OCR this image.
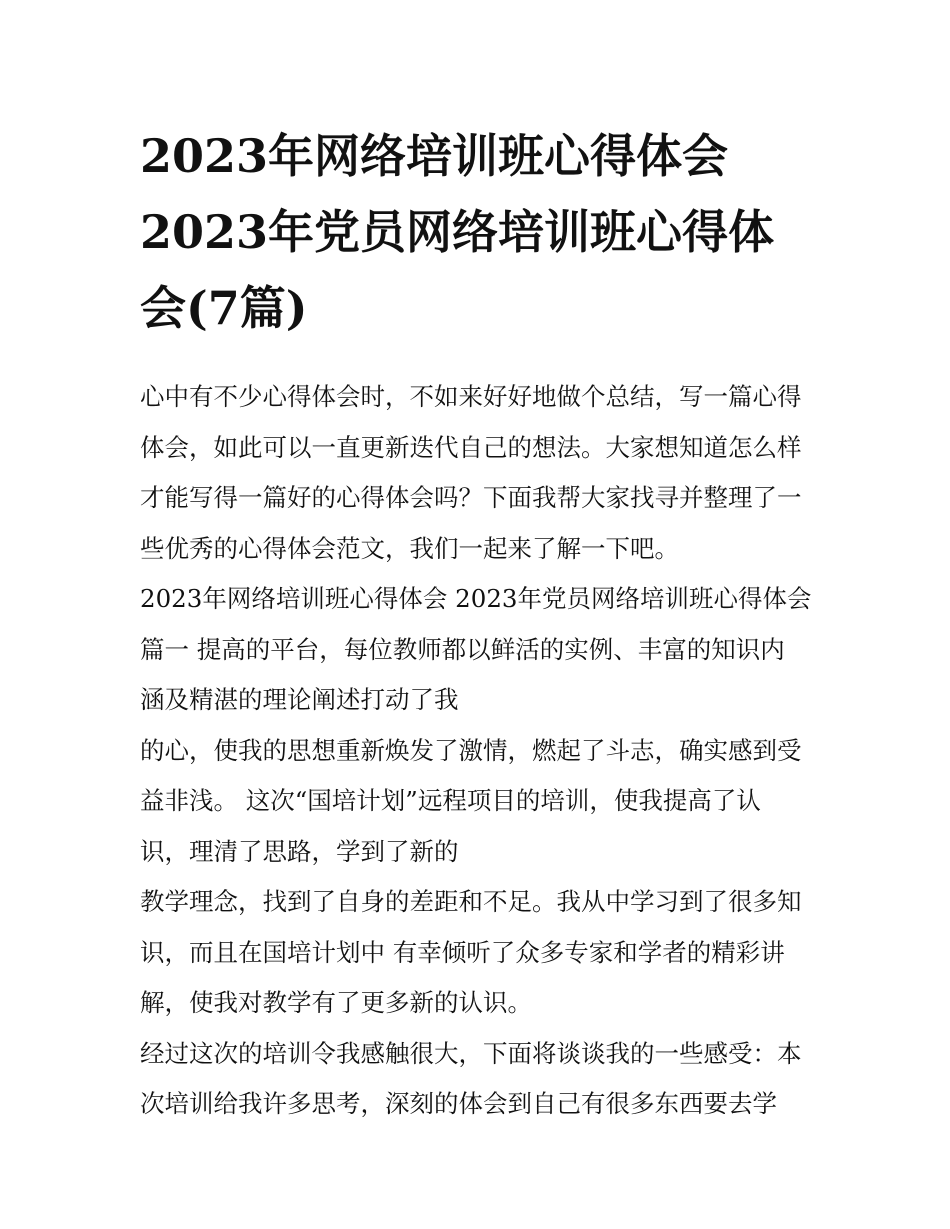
2023年网络培训班心得体会
2023年党员网络培训班心得体
会(7篇)

心中有不少心得体会时，不如来好好地做个总结，写一篇心得
体会，如此可以一直更新迭代自己的想法。大家想知道怎么样
才能写得一篇好的心得体会吗？下面我帮大家找寻并整理了一
些优秀的心得体会范文，我们一起来了解一下吧。

2023年网络培训班心得体会 2023年党员网络培训班心得体会
篇一 提高的平台，每位教师都以鲜活的实例、丰富的知识内
涵及精湛的理论阐述打动了我

的心，使我的思想重新焕发了激情，燃起了斗志，确实感到受
益非浅。 这次“国培计划”远程项目的培训，使我提高了认
识，理清了思路，学到了新的

教学理念，找到了自身的差距和不足。我从中学习到了很多知
识，而且在国培计划中 有幸倾听了众多专家和学者的精彩讲
解，使我对教学有了更多新的认识。

经过这次的培训令我感触很大，下面将谈谈我的一些感受：本
次培训给我许多思考，深刻的体会到自己有很多东西要去学
